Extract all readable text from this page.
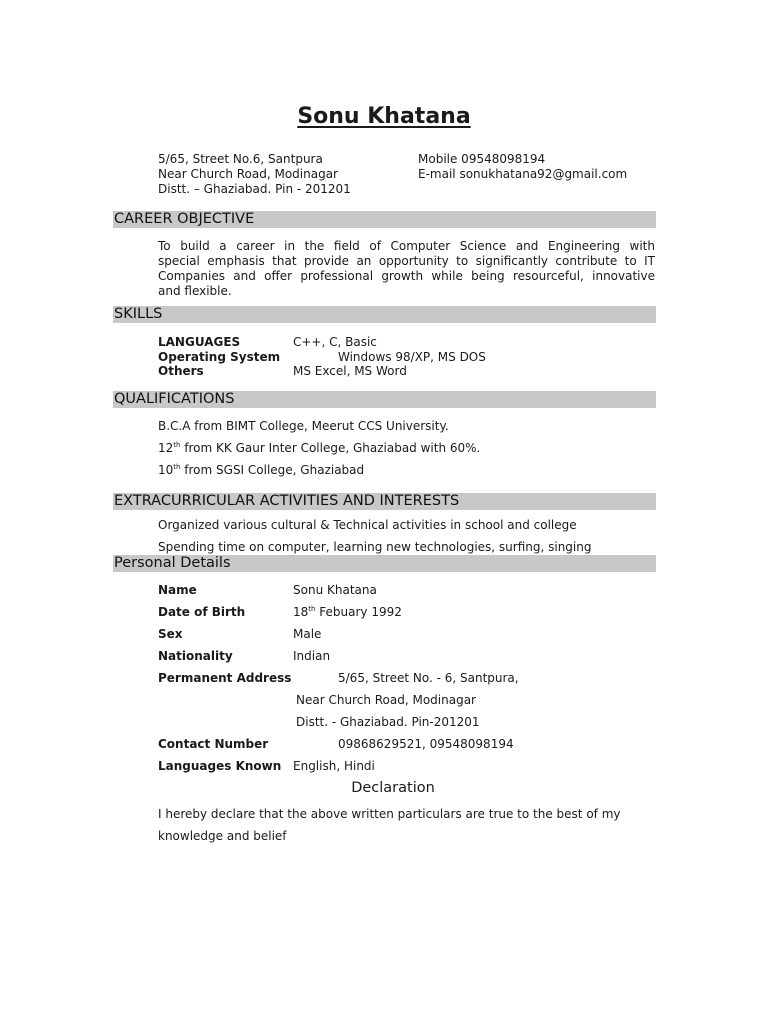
Sonu Khatana
5/65, Street No.6, Santpura
Near Church Road, Modinagar
Distt. – Ghaziabad. Pin - 201201
Mobile 09548098194
E-mail sonukhatana92@gmail.com
CAREER OBJECTIVE

To build a career in the field of Computer Science and Engineering with

special emphasis that provide an opportunity to significantly contribute to IT

Companies and offer professional growth while being resourceful, innovative

and flexible.

SKILLS
LANGUAGES	C++, C, Basic
Operating System	Windows 98/XP, MS DOS
Others	MS Excel, MS Word
QUALIFICATIONS
B.C.A from BIMT College, Meerut CCS University.
12th from KK Gaur Inter College, Ghaziabad with 60%.
10th from SGSI College, Ghaziabad
EXTRACURRICULAR ACTIVITIES AND INTERESTS
Organized various cultural & Technical activities in school and college
Spending time on computer, learning new technologies, surfing, singing
Personal Details
Name	Sonu Khatana
Date of Birth	18th Febuary 1992
Sex	Male
Nationality	Indian
Permanent Address	5/65, Street No. - 6, Santpura,
Near Church Road, Modinagar
Distt. - Ghaziabad. Pin-201201
Contact Number	09868629521, 09548098194
Languages Known English, Hindi
Declaration
I hereby declare that the above written particulars are true to the best of my
knowledge and belief
